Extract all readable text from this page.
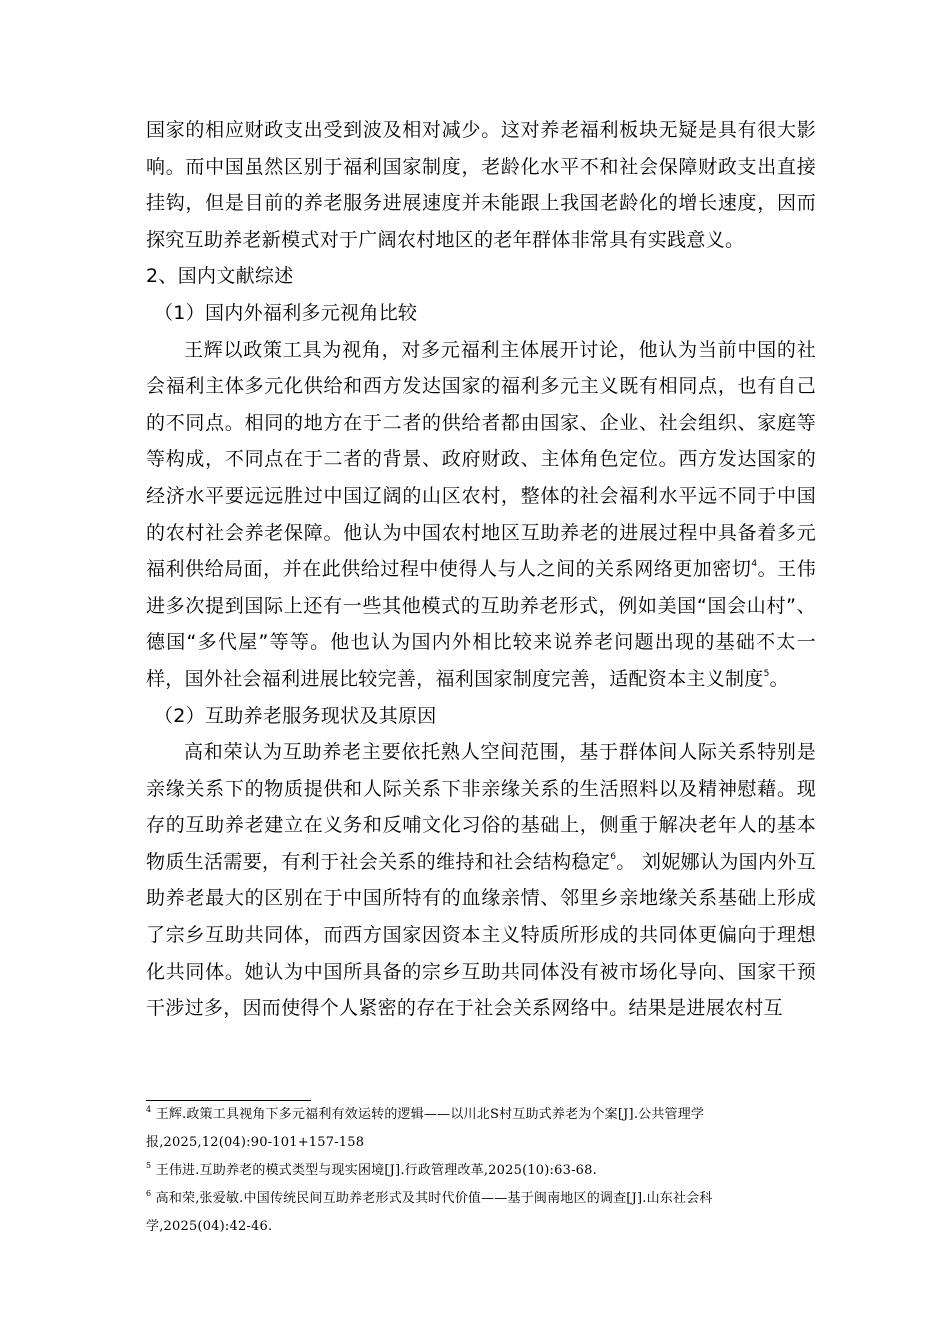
国家的相应财政支出受到波及相对减少。这对养老福利板块无疑是具有很大影响。而中国虽然区别于福利国家制度，老龄化水平不和社会保障财政支出直接挂钩，但是目前的养老服务进展速度并未能跟上我国老龄化的增长速度，因而探究互助养老新模式对于广阔农村地区的老年群体非常具有实践意义。

2、国内文献综述

（1）国内外福利多元视角比较

王辉以政策工具为视角，对多元福利主体展开讨论，他认为当前中国的社会福利主体多元化供给和西方发达国家的福利多元主义既有相同点，也有自己的不同点。相同的地方在于二者的供给者都由国家、企业、社会组织、家庭等等构成，不同点在于二者的背景、政府财政、主体角色定位。西方发达国家的经济水平要远远胜过中国辽阔的山区农村，整体的社会福利水平远不同于中国的农村社会养老保障。他认为中国农村地区互助养老的进展过程中具备着多元福利供给局面，并在此供给过程中使得人与人之间的关系网络更加密切$^4$。王伟进多次提到国际上还有一些其他模式的互助养老形式，例如美国“国会山村”、德国“多代屋”等等。他也认为国内外相比较来说养老问题出现的基础不太一样，国外社会福利进展比较完善，福利国家制度完善，适配资本主义制度$^5$。

（2）互助养老服务现状及其原因

高和荣认为互助养老主要依托熟人空间范围，基于群体间人际关系特别是亲缘关系下的物质提供和人际关系下非亲缘关系的生活照料以及精神慰藉。现存的互助养老建立在义务和反哺文化习俗的基础上，侧重于解决老年人的基本物质生活需要，有利于社会关系的维持和社会结构稳定$^6$。 刘妮娜认为国内外互助养老最大的区别在于中国所特有的血缘亲情、邻里乡亲地缘关系基础上形成了宗乡互助共同体，而西方国家因资本主义特质所形成的共同体更偏向于理想化共同体。她认为中国所具备的宗乡互助共同体没有被市场化导向、国家干预干涉过多，因而使得个人紧密的存在于社会关系网络中。结果是进展农村互

$^4$ 王辉.政策工具视角下多元福利有效运转的逻辑——以川北S村互助式养老为个案[J].公共管理学报,2025,12(04):90-101+157-158

$^5$ 王伟进.互助养老的模式类型与现实困境[J].行政管理改革,2025(10):63-68.

$^6$ 高和荣,张爱敏.中国传统民间互助养老形式及其时代价值——基于闽南地区的调查[J].山东社会科学,2025(04):42-46.
